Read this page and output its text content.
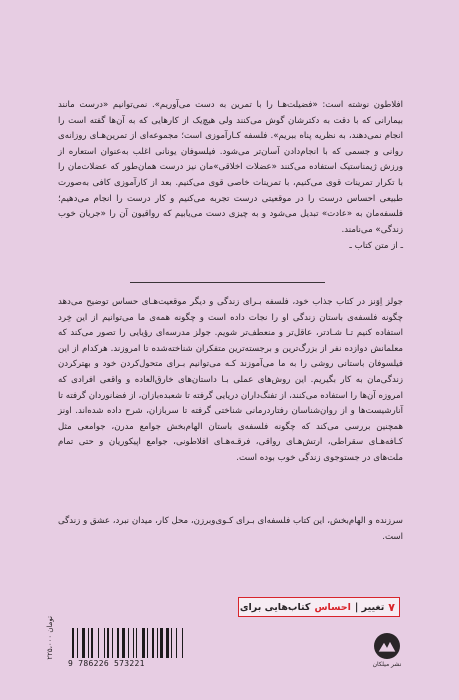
افلاطون نوشته است: «فضیلت‌هـا را با تمرین به دست می‌آوریم». نمی‌توانیم «درست مانند بیمارانی که با دقت به دکترشان گوش می‌کنند ولی هیچ‌یک از کارهایی که به آن‌ها گفته است را انجام نمی‌دهند، به نظریه پناه ببریم». فلسفه کـارآموزی است؛ مجموعه‌ای از تمرین‌هـای روزانه‌ی روانی و جسمی که با انجام‌دادن آسان‌تر می‌شود. فیلسوفان یونانی اغلب به‌عنوان استعاره از ورزش ژیمناستیک استفاده می‌کنند «عضلات اخلاقی»مان نیز درست همان‌طور که عضلات‌مان را با تکرار تمرینات قوی می‌کنیم، با تمرینات خاصی قوی می‌کنیم. بعد از کارآموزی کافی به‌صورت طبیعی احساس درست را در موقعیتی درست تجربه می‌کنیم و کار درست را انجام می‌دهیم؛ فلسفه‌مان به «عادت» تبدیل می‌شود و به چیزی دست می‌یابیم که رواقیون آن را «جریان خوب زندگی» می‌نامند.
ـ از متن کتاب ـ
جولز اِوَنز در کتاب جذاب خود، فلسفه بـرای زندگی و دیگر موقعیت‌هـای حساس توضیح می‌دهد چگونه فلسفه‌ی باستان زندگی او را نجات داده است و چگونه همه‌ی ما می‌توانیم از این خِرد استفاده کنیم تـا شـادتر، عاقل‌تر و منعطف‌تر شویم. جولز مدرسه‌ای رؤیایی را تصور می‌کند که معلمانش دوازده نفر از بزرگ‌ترین و برجسته‌ترین متفکران شناخته‌شده تا امروزند. هرکدام از این فیلسوفان باستانی روشی را به ما می‌آموزند کـه می‌توانیم بـرای متحول‌کردن خود و بهترکردن زندگی‌مان به کار بگیریم. این روش‌های عملی بـا داستان‌های خارق‌العاده و واقعی افرادی که امروزه آن‌ها را استفاده می‌کنند، از تفنگ‌داران دریایی گرفته تا شعبده‌بازان، از فضانوردان گرفته تا آنارشیست‌ها و از روان‌شناسان رفتاردرمانی شناختی گرفته تا سربازان، شرح داده شده‌اند. اونز همچنین بررسی می‌کند که چگونه فلسفه‌ی باستان الهام‌بخش جوامع مدرن، جوامعی مثل کـافه‌هـای سقراطی، ارتش‌هـای رواقی، فرقـه‌هـای افلاطونی، جوامع اپیکوریان و حتی تمام ملت‌های در جستوجوی زندگی خوب بوده است.
سرزنده و الهام‌بخش، این کتاب فلسفه‌ای بـرای کـوی‌وبرزن، محل کار، میدان نبرد، عشق و زندگی است.
۷
تغییر |
احساس
کتاب‌هایی برای
۲۲۵،۰۰۰ تومان
9 786226 573221	نشر میلکان
